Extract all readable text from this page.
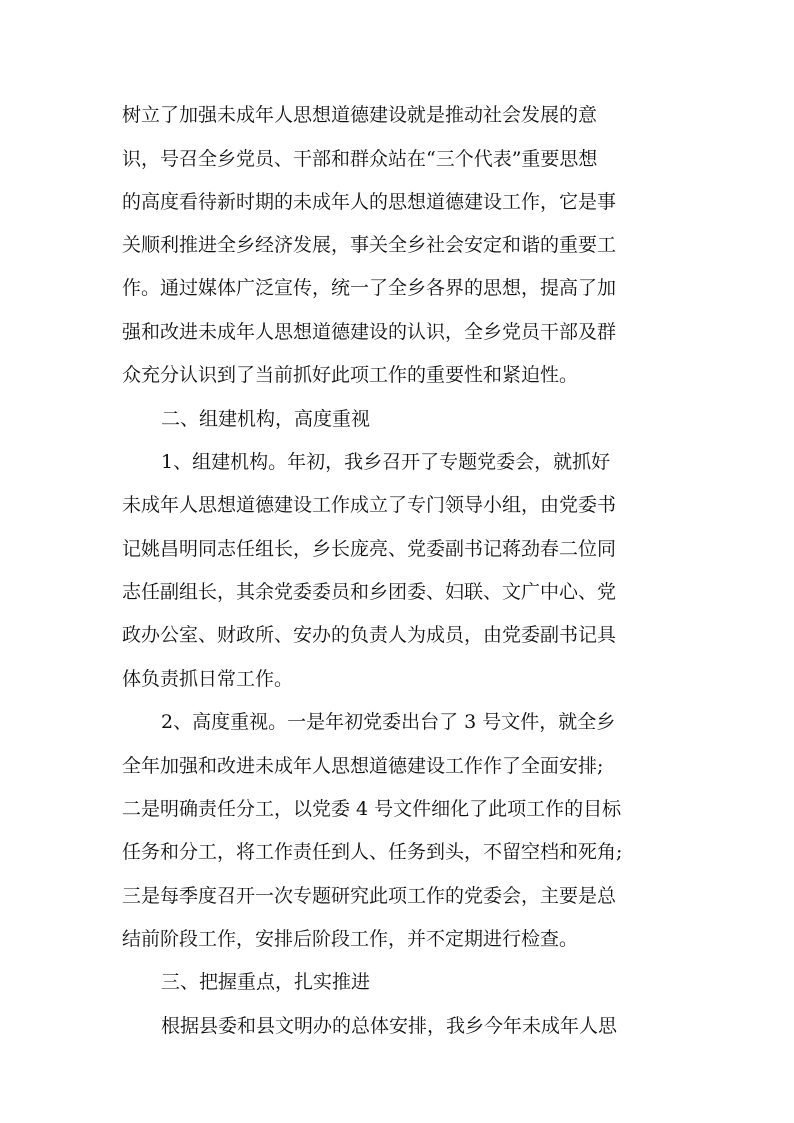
树立了加强未成年人思想道德建设就是推动社会发展的意
识，号召全乡党员、干部和群众站在“三个代表”重要思想
的高度看待新时期的未成年人的思想道德建设工作，它是事
关顺利推进全乡经济发展，事关全乡社会安定和谐的重要工
作。通过媒体广泛宣传，统一了全乡各界的思想，提高了加
强和改进未成年人思想道德建设的认识，全乡党员干部及群
众充分认识到了当前抓好此项工作的重要性和紧迫性。
二、组建机构，高度重视
1、组建机构。年初，我乡召开了专题党委会，就抓好
未成年人思想道德建设工作成立了专门领导小组，由党委书
记姚昌明同志任组长，乡长庞亮、党委副书记蒋劲春二位同
志任副组长，其余党委委员和乡团委、妇联、文广中心、党
政办公室、财政所、安办的负责人为成员，由党委副书记具
体负责抓日常工作。
2、高度重视。一是年初党委出台了 3 号文件，就全乡
全年加强和改进未成年人思想道德建设工作作了全面安排;
二是明确责任分工，以党委 4 号文件细化了此项工作的目标
任务和分工，将工作责任到人、任务到头，不留空档和死角;
三是每季度召开一次专题研究此项工作的党委会，主要是总
结前阶段工作，安排后阶段工作，并不定期进行检查。
三、把握重点，扎实推进
根据县委和县文明办的总体安排，我乡今年未成年人思
